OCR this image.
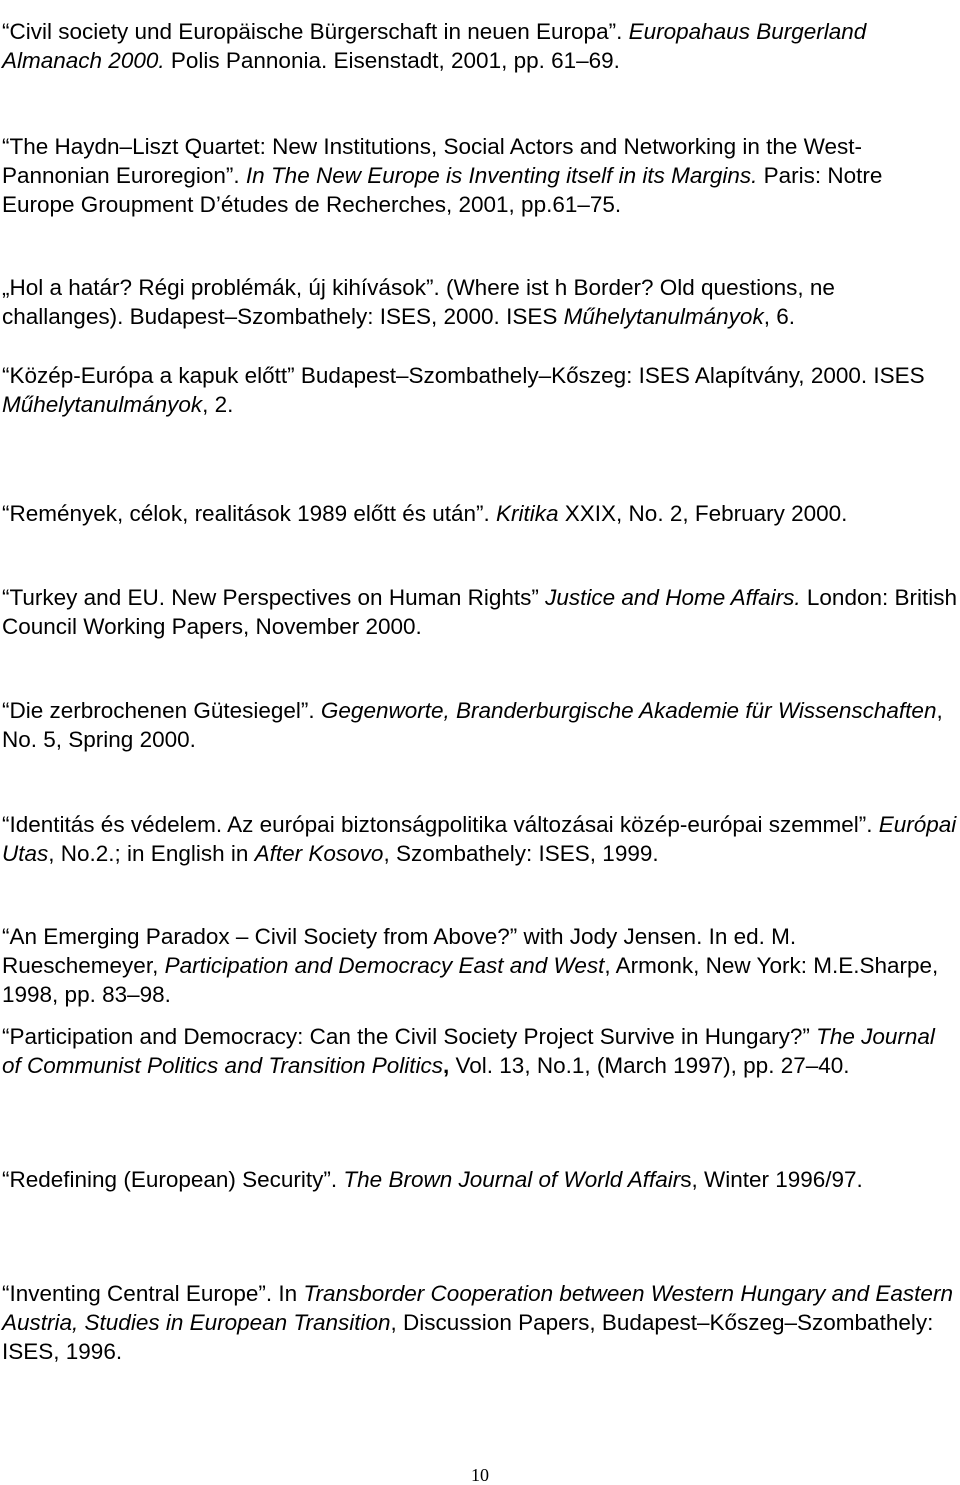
“Civil society und Europäische Bürgerschaft in neuen Europa”. Europahaus Burgerland Almanach 2000. Polis Pannonia. Eisenstadt, 2001, pp. 61–69.

“The Haydn–Liszt Quartet: New Institutions, Social Actors and Networking in the West-Pannonian Euroregion”. In The New Europe is Inventing itself in its Margins. Paris: Notre Europe Groupment D’études de Recherches, 2001, pp.61–75.

„Hol a határ? Régi problémák, új kihívások”. (Where ist h Border? Old questions, ne challanges). Budapest–Szombathely: ISES, 2000. ISES Műhelytanulmányok, 6.

“Közép-Európa a kapuk előtt” Budapest–Szombathely–Kőszeg: ISES Alapítvány, 2000. ISES Műhelytanulmányok, 2.

“Remények, célok, realitások 1989 előtt és után”. Kritika XXIX, No. 2, February 2000.

“Turkey and EU. New Perspectives on Human Rights” Justice and Home Affairs. London: British Council Working Papers, November 2000.

“Die zerbrochenen Gütesiegel”. Gegenworte, Branderburgische Akademie für Wissenschaften, No. 5, Spring 2000.

“Identitás és védelem. Az európai biztonságpolitika változásai közép-európai szemmel”. Európai Utas, No.2.; in English in After Kosovo, Szombathely: ISES, 1999.

“An Emerging Paradox – Civil Society from Above?” with Jody Jensen. In ed. M. Rueschemeyer, Participation and Democracy East and West, Armonk, New York: M.E.Sharpe, 1998, pp. 83–98.

“Participation and Democracy: Can the Civil Society Project Survive in Hungary?” The Journal of Communist Politics and Transition Politics, Vol. 13, No.1, (March 1997), pp. 27–40.

“Redefining (European) Security”. The Brown Journal of World Affairs, Winter 1996/97.

“Inventing Central Europe”. In Transborder Cooperation between Western Hungary and Eastern Austria, Studies in European Transition, Discussion Papers, Budapest–Kőszeg–Szombathely: ISES, 1996.

10
